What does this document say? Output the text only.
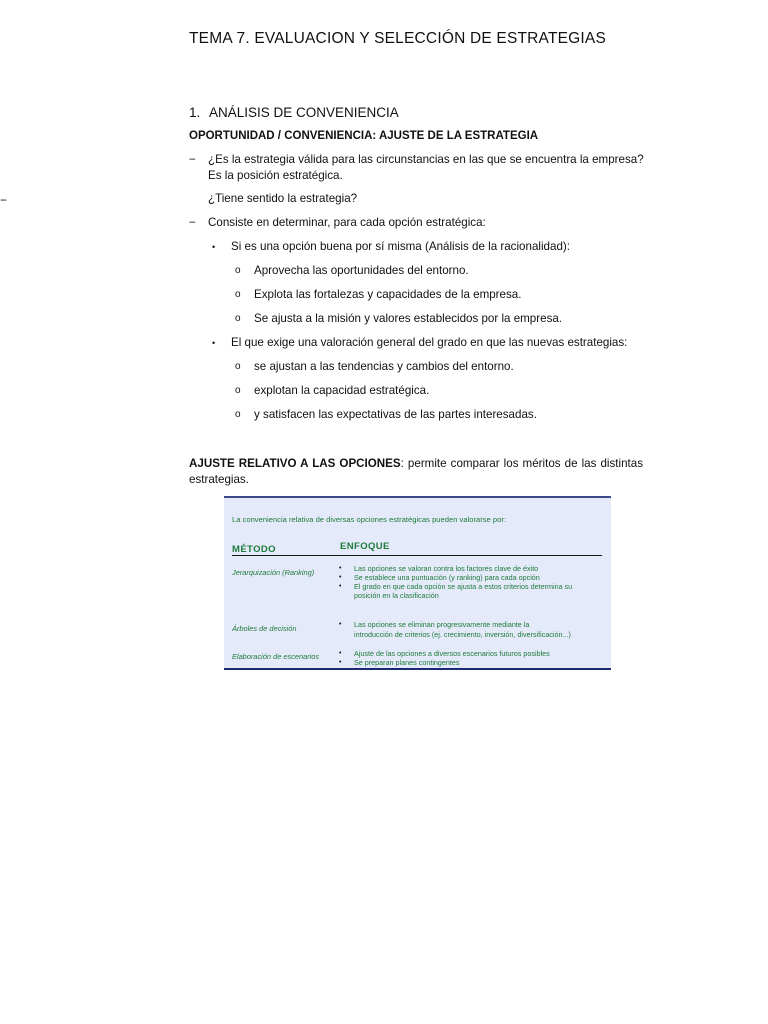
TEMA 7. EVALUACION Y SELECCIÓN DE ESTRATEGIAS
1. ANÁLISIS DE CONVENIENCIA
OPORTUNIDAD / CONVENIENCIA: AJUSTE DE LA ESTRATEGIA
−
− ¿Es la estrategia válida para las circunstancias en las que se encuentra la empresa?
Es la posición estratégica.
¿Tiene sentido la estrategia?
− Consiste en determinar, para cada opción estratégica:
• Si es una opción buena por sí misma (Análisis de la racionalidad):
o Aprovecha las oportunidades del entorno.
o Explota las fortalezas y capacidades de la empresa.
o Se ajusta a la misión y valores establecidos por la empresa.
• El que exige una valoración general del grado en que las nuevas estrategias:
o se ajustan a las tendencias y cambios del entorno.
o explotan la capacidad estratégica.
o y satisfacen las expectativas de las partes interesadas.
AJUSTE RELATIVO A LAS OPCIONES: permite comparar los méritos de las distintas estrategias.
La conveniencia relativa de diversas opciones estratégicas pueden valorarse por:
MÉTODO	ENFOQUE
Jerarquización (Ranking)	•	Las opciones se valoran contra los factores clave de éxito
•	Se establece una puntuación (y ranking) para cada opción
•	El grado en que cada opción se ajusta a estos criterios determina su
posición en la clasificación
Árboles de decisión	•	Las opciones se eliminan progresivamente mediante la
introducción de criterios (ej. crecimiento, inversión, diversificación...)
Elaboración de escenarios	•	Ajuste de las opciones a diversos escenarios futuros posibles
•	Se preparan planes contingentes
